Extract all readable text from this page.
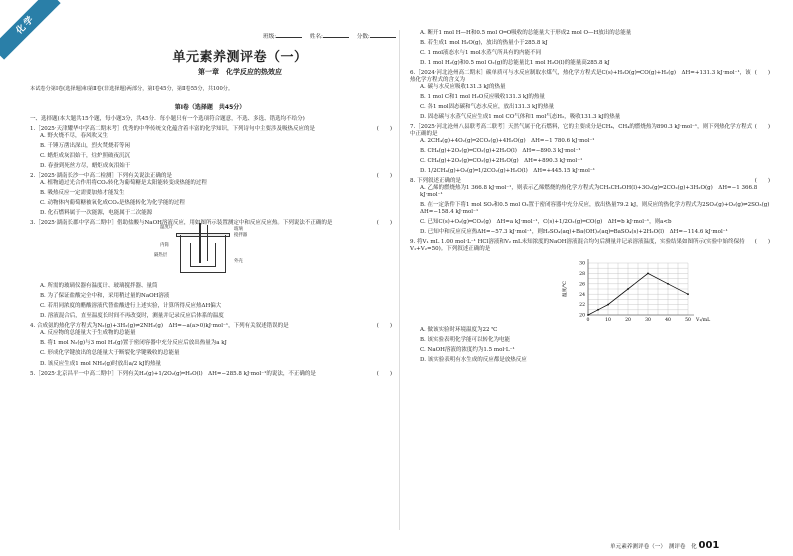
化学
班级:	姓名:	分数:
单元素养测评卷（一）
第一章　化学反应的热效应
本试卷分第Ⅰ卷(选择题)和第Ⅱ卷(非选择题)两部分，第Ⅰ卷45分，第Ⅱ卷55分，共100分。
第Ⅰ卷（选择题　共45分）

一、选择题(本大题共15个题，每小题3分，共45分．每小题只有一个选项符合题意，不选、多选、错选均不给分)

1.［2025·天津耀华中学高二期末考］优秀的中华传统文化蕴含着丰富的化学知识，下列诗句中主要涉及吸热反应的是	(　　)

A. 野火烧不尽，春风吹又生

B. 千锤万凿出深山，烈火焚烧若等闲

C. 蜡炬成灰泪始干，炷炉照破夜沉沉

D. 春蚕到死丝方尽，蜡炬成灰泪始干

2.［2025·湖南长沙一中高二检测］下列有关说法正确的是	(　　)

A. 植物通过光合作用将CO₂转化为葡萄糖是太阳能转变成热能的过程

B. 吸热反应一定需要加热才能发生

C. 动物体内葡萄糖被氧化成CO₂是热能转化为化学能的过程

D. 化石燃料属于一次能源，电能属于二次能源

3.［2025·湖南长郡中学高二期中］借助盐酸与NaOH溶液反应，用如图所示装置测定中和反应反应热。下列说法不正确的是	(　　)
玻璃
搅拌器
温度计
内筒
隔热层
外壳

A. 所需的玻璃仪器有温度计、玻璃搅拌器、量筒

B. 为了保证盐酸完全中和，采用稍过量的NaOH溶液

C. 若用同浓度的醋酸溶液代替盐酸进行上述实验，计算所得反应热ΔH偏大

D. 溶液混合后，直至温度长时间不再改变时，测量并记录反应后体系的温度

4. 合成氨的热化学方程式为N₂(g)+3H₂(g)⇌2NH₃(g)　ΔH=−a(a>0)kJ·mol⁻¹，下列有关叙述错误的是	(　　)

A. 反应物的总能量大于生成物的总能量

B. 将1 mol N₂(g)与3 mol H₂(g)置于密闭容器中充分反应后放出热量为a kJ

C. 形成化学键放出的总能量大于断裂化学键吸收的总能量

D. 该反应生成1 mol NH₃(g)时放出a/2 kJ的热量

5.［2025·北京昌平一中高二期中］下列有关H₂(g)+1/2O₂(g)═H₂O(l)　ΔH=−285.8 kJ·mol⁻¹的说法，不正确的是	(　　)

A. 断开1 mol H—H和0.5 mol O═O吸收的总能量大于形成2 mol O—H放出的总能量

B. 若生成1 mol H₂O(g)，放出的热量小于285.8 kJ

C. 1 mol液态水与1 mol水蒸气所具有的内能不同

D. 1 mol H₂(g)和0.5 mol O₂(g)的总能量比1 mol H₂O(l)的能量高285.8 kJ

6.［2024·河北沧州高二期末］碳单质可与水反应制取水煤气，热化学方程式是C(s)+H₂O(g)═CO(g)+H₂(g)　ΔH=+131.3 kJ·mol⁻¹，该热化学方程式的含义为
(　　)

A. 碳与水反应吸收131.3 kJ的热量

B. 1 mol C和1 mol H₂O反应吸收131.3 kJ的热量

C. 各1 mol固态碳和气态水反应，放出131.3 kJ的热量

D. 固态碳与水蒸气反应生成1 mol CO气体和1 mol气态H₂，吸收131.3 kJ的热量

7.［2025·河北沧州八县联考高二联考］天然气属于化石燃料，它的主要成分是CH₄，CH₄的燃烧热为890.3 kJ·mol⁻¹，则下列热化学方程式中正确的是
(　　)

A. 2CH₄(g)+4O₂(g)═2CO₂(g)+4H₂O(g)　ΔH=−1 780.6 kJ·mol⁻¹

B. CH₄(g)+2O₂(g)═CO₂(g)+2H₂O(l)　ΔH=−890.3 kJ·mol⁻¹

C. CH₄(g)+2O₂(g)═CO₂(g)+2H₂O(g)　ΔH=+890.3 kJ·mol⁻¹

D. 1/2CH₄(g)+O₂(g)═1/2CO₂(g)+H₂O(l)　ΔH=+445.15 kJ·mol⁻¹

8. 下列叙述正确的是	(　　)

A. 乙烯的燃烧热为1 366.8 kJ·mol⁻¹，则表示乙烯燃烧的热化学方程式为CH₃CH₂OH(l)+3O₂(g)═2CO₂(g)+3H₂O(g)　ΔH=−1 366.8 kJ·mol⁻¹

B. 在一定条件下将1 mol SO₂和0.5 mol O₂置于密闭容器中充分反应，放出热量79.2 kJ，则反应的热化学方程式为2SO₂(g)+O₂(g)⇌2SO₃(g)　ΔH=−158.4 kJ·mol⁻¹

C. 已知C(s)+O₂(g)═CO₂(g)　ΔH=a kJ·mol⁻¹，C(s)+1/2O₂(g)═CO(g)　ΔH=b kJ·mol⁻¹，则a<b

D. 已知中和反应反应热ΔH=−57.3 kJ·mol⁻¹，则H₂SO₄(aq)+Ba(OH)₂(aq)═BaSO₄(s)+2H₂O(l)　ΔH=−114.6 kJ·mol⁻¹

9. 将V₁ mL 1.00 mol·L⁻¹ HCl溶液和V₂ mL未知浓度的NaOH溶液混合均匀后测量并记录溶液温度，实验结果如图所示(实验中始终保持V₁+V₂=50)。下列叙述正确的是
(　　)
30
28
26
24
22
20
0	10	20	30	40	50 V₁/mL
温度/℃

A. 做该实验时环境温度为22 ℃

B. 该实验表明化学能可以转化为电能

C. NaOH溶液的浓度约为1.5 mol·L⁻¹

D. 该实验表明有水生成的反应都是放热反应

单元素养测评卷（一）　测评卷　化 001
